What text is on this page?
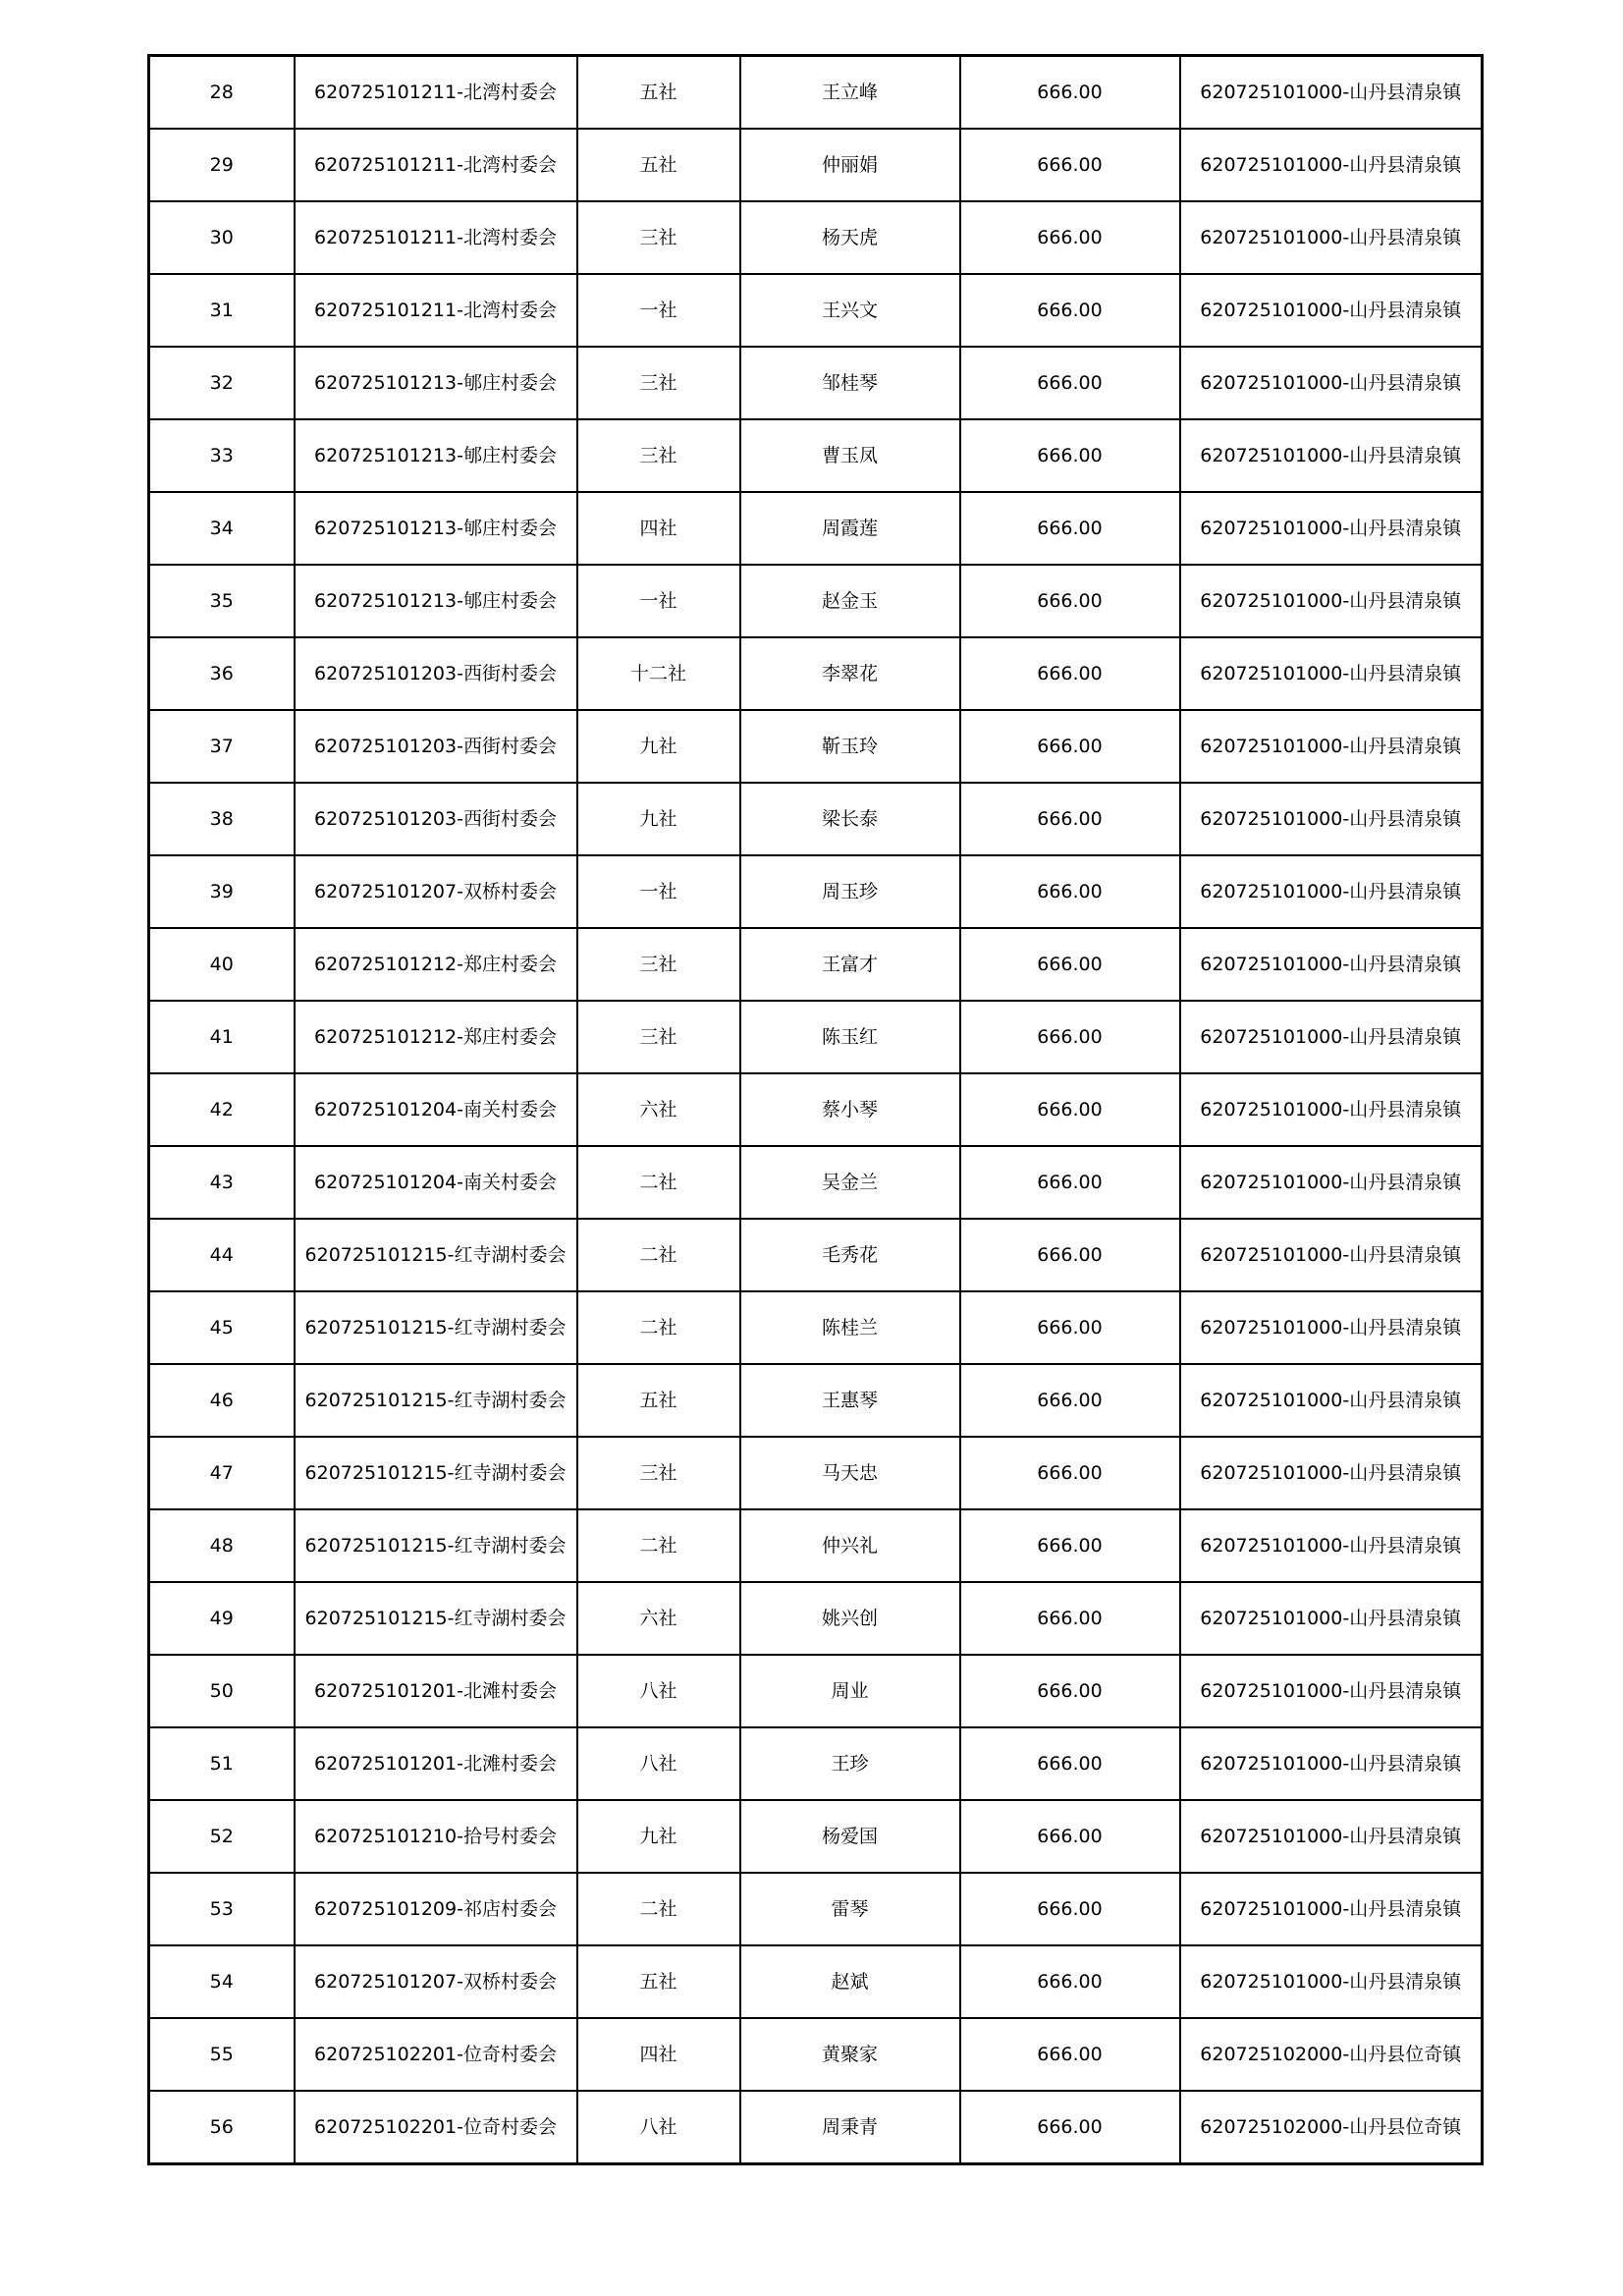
28	620725101211-北湾村委会	五社	王立峰	666.00	620725101000-山丹县清泉镇
29	620725101211-北湾村委会	五社	仲丽娟	666.00	620725101000-山丹县清泉镇
30	620725101211-北湾村委会	三社	杨天虎	666.00	620725101000-山丹县清泉镇
31	620725101211-北湾村委会	一社	王兴文	666.00	620725101000-山丹县清泉镇
32	620725101213-郇庄村委会	三社	邹桂琴	666.00	620725101000-山丹县清泉镇
33	620725101213-郇庄村委会	三社	曹玉凤	666.00	620725101000-山丹县清泉镇
34	620725101213-郇庄村委会	四社	周霞莲	666.00	620725101000-山丹县清泉镇
35	620725101213-郇庄村委会	一社	赵金玉	666.00	620725101000-山丹县清泉镇
36	620725101203-西街村委会	十二社	李翠花	666.00	620725101000-山丹县清泉镇
37	620725101203-西街村委会	九社	靳玉玲	666.00	620725101000-山丹县清泉镇
38	620725101203-西街村委会	九社	梁长泰	666.00	620725101000-山丹县清泉镇
39	620725101207-双桥村委会	一社	周玉珍	666.00	620725101000-山丹县清泉镇
40	620725101212-郑庄村委会	三社	王富才	666.00	620725101000-山丹县清泉镇
41	620725101212-郑庄村委会	三社	陈玉红	666.00	620725101000-山丹县清泉镇
42	620725101204-南关村委会	六社	蔡小琴	666.00	620725101000-山丹县清泉镇
43	620725101204-南关村委会	二社	吴金兰	666.00	620725101000-山丹县清泉镇
44	620725101215-红寺湖村委会	二社	毛秀花	666.00	620725101000-山丹县清泉镇
45	620725101215-红寺湖村委会	二社	陈桂兰	666.00	620725101000-山丹县清泉镇
46	620725101215-红寺湖村委会	五社	王惠琴	666.00	620725101000-山丹县清泉镇
47	620725101215-红寺湖村委会	三社	马天忠	666.00	620725101000-山丹县清泉镇
48	620725101215-红寺湖村委会	二社	仲兴礼	666.00	620725101000-山丹县清泉镇
49	620725101215-红寺湖村委会	六社	姚兴创	666.00	620725101000-山丹县清泉镇
50	620725101201-北滩村委会	八社	周业	666.00	620725101000-山丹县清泉镇
51	620725101201-北滩村委会	八社	王珍	666.00	620725101000-山丹县清泉镇
52	620725101210-拾号村委会	九社	杨爱国	666.00	620725101000-山丹县清泉镇
53	620725101209-祁店村委会	二社	雷琴	666.00	620725101000-山丹县清泉镇
54	620725101207-双桥村委会	五社	赵斌	666.00	620725101000-山丹县清泉镇
55	620725102201-位奇村委会	四社	黄聚家	666.00	620725102000-山丹县位奇镇
56	620725102201-位奇村委会	八社	周秉青	666.00	620725102000-山丹县位奇镇
